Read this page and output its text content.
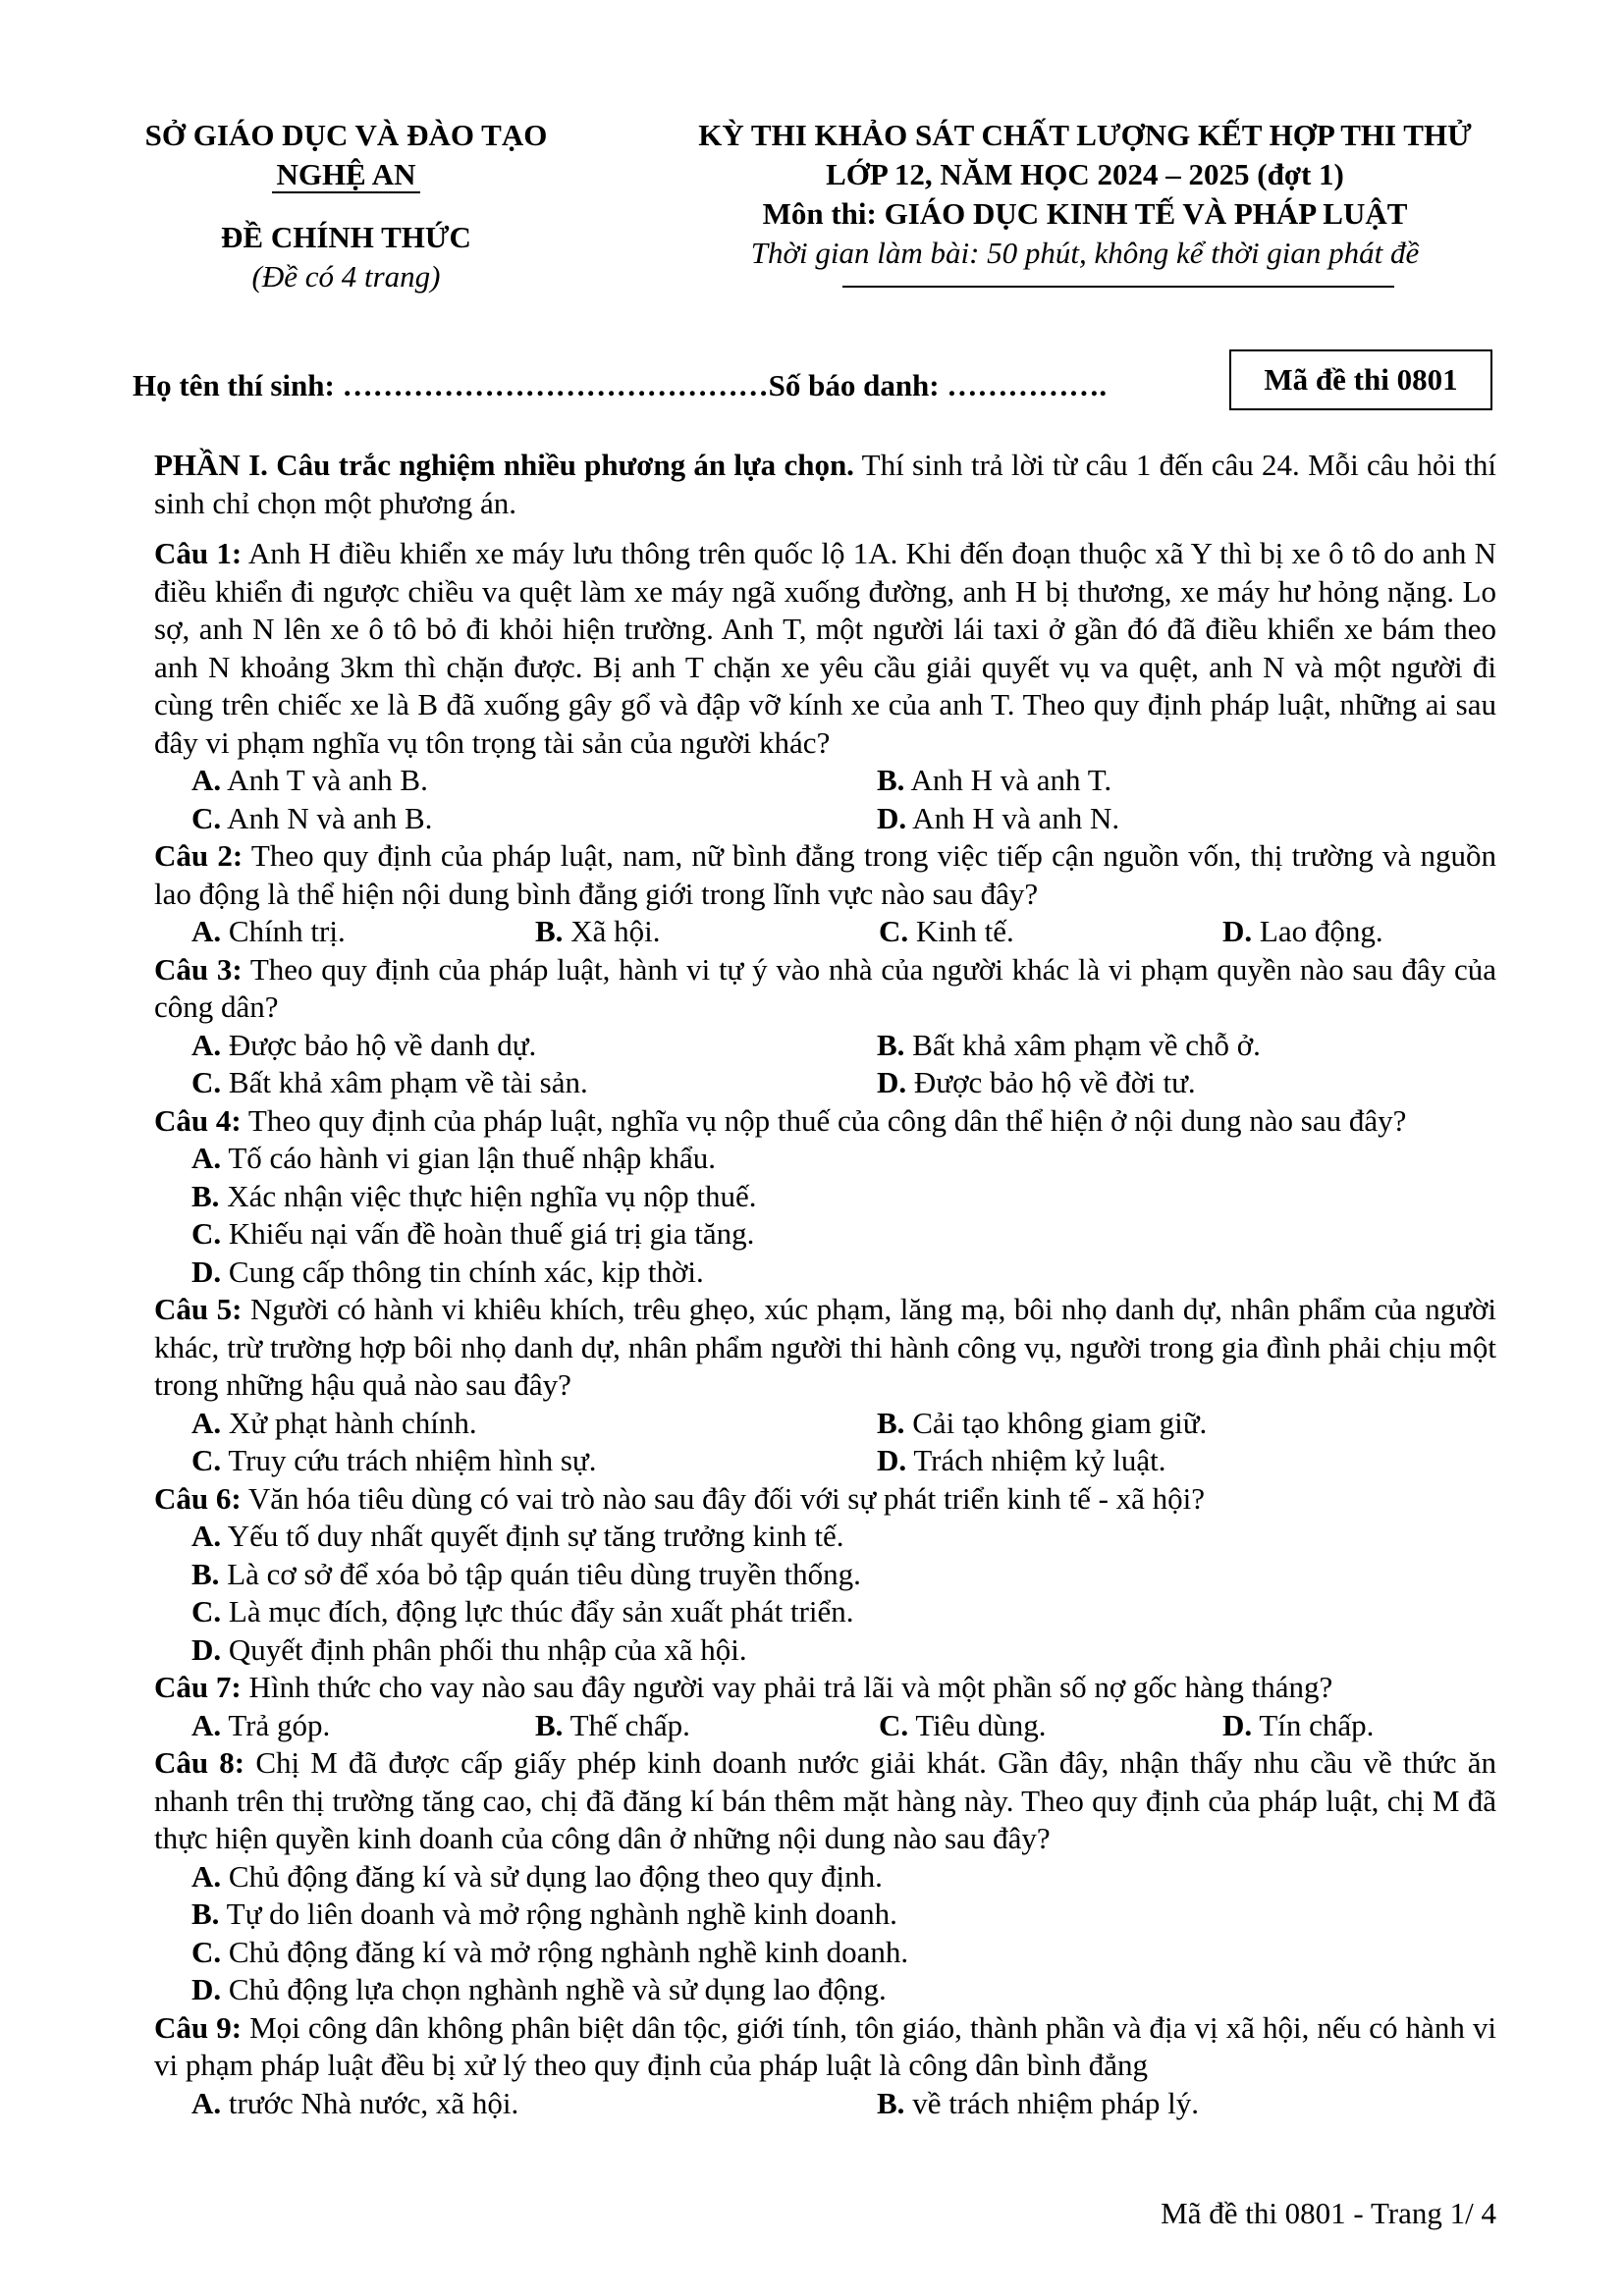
SỞ GIÁO DỤC VÀ ĐÀO TẠO
NGHỆ AN
ĐỀ CHÍNH THỨC
(Đề có 4 trang)
KỲ THI KHẢO SÁT CHẤT LƯỢNG KẾT HỢP THI THỬ
LỚP 12, NĂM HỌC 2024 – 2025 (đợt 1)
Môn thi: GIÁO DỤC KINH TẾ VÀ PHÁP LUẬT
Thời gian làm bài: 50 phút, không kể thời gian phát đề
Họ tên thí sinh: ……………………………………Số báo danh: …………….	Mã đề thi 0801
PHẦN I. Câu trắc nghiệm nhiều phương án lựa chọn. Thí sinh trả lời từ câu 1 đến câu 24. Mỗi câu hỏi thí sinh chỉ chọn một phương án.
Câu 1: Anh H điều khiển xe máy lưu thông trên quốc lộ 1A. Khi đến đoạn thuộc xã Y thì bị xe ô tô do anh N điều khiển đi ngược chiều va quệt làm xe máy ngã xuống đường, anh H bị thương, xe máy hư hỏng nặng. Lo sợ, anh N lên xe ô tô bỏ đi khỏi hiện trường. Anh T, một người lái taxi ở gần đó đã điều khiển xe bám theo anh N khoảng 3km thì chặn được. Bị anh T chặn xe yêu cầu giải quyết vụ va quệt, anh N và một người đi cùng trên chiếc xe là B đã xuống gây gổ và đập vỡ kính xe của anh T. Theo quy định pháp luật, những ai sau đây vi phạm nghĩa vụ tôn trọng tài sản của người khác?
A. Anh T và anh B.	B. Anh H và anh T.
C. Anh N và anh B.	D. Anh H và anh N.
Câu 2: Theo quy định của pháp luật, nam, nữ bình đẳng trong việc tiếp cận nguồn vốn, thị trường và nguồn lao động là thể hiện nội dung bình đẳng giới trong lĩnh vực nào sau đây?
A. Chính trị.	B. Xã hội.	C. Kinh tế.	D. Lao động.
Câu 3: Theo quy định của pháp luật, hành vi tự ý vào nhà của người khác là vi phạm quyền nào sau đây của công dân?
A. Được bảo hộ về danh dự.	B. Bất khả xâm phạm về chỗ ở.
C. Bất khả xâm phạm về tài sản.	D. Được bảo hộ về đời tư.
Câu 4: Theo quy định của pháp luật, nghĩa vụ nộp thuế của công dân thể hiện ở nội dung nào sau đây?
A. Tố cáo hành vi gian lận thuế nhập khẩu.
B. Xác nhận việc thực hiện nghĩa vụ nộp thuế.
C. Khiếu nại vấn đề hoàn thuế giá trị gia tăng.
D. Cung cấp thông tin chính xác, kịp thời.
Câu 5: Người có hành vi khiêu khích, trêu ghẹo, xúc phạm, lăng mạ, bôi nhọ danh dự, nhân phẩm của người khác, trừ trường hợp bôi nhọ danh dự, nhân phẩm người thi hành công vụ, người trong gia đình phải chịu một trong những hậu quả nào sau đây?
A. Xử phạt hành chính.	B. Cải tạo không giam giữ.
C. Truy cứu trách nhiệm hình sự.	D. Trách nhiệm kỷ luật.
Câu 6: Văn hóa tiêu dùng có vai trò nào sau đây đối với sự phát triển kinh tế - xã hội?
A. Yếu tố duy nhất quyết định sự tăng trưởng kinh tế.
B. Là cơ sở để xóa bỏ tập quán tiêu dùng truyền thống.
C. Là mục đích, động lực thúc đẩy sản xuất phát triển.
D. Quyết định phân phối thu nhập của xã hội.
Câu 7: Hình thức cho vay nào sau đây người vay phải trả lãi và một phần số nợ gốc hàng tháng?
A. Trả góp.	B. Thế chấp.	C. Tiêu dùng.	D. Tín chấp.
Câu 8: Chị M đã được cấp giấy phép kinh doanh nước giải khát. Gần đây, nhận thấy nhu cầu về thức ăn nhanh trên thị trường tăng cao, chị đã đăng kí bán thêm mặt hàng này. Theo quy định của pháp luật, chị M đã thực hiện quyền kinh doanh của công dân ở những nội dung nào sau đây?
A. Chủ động đăng kí và sử dụng lao động theo quy định.
B. Tự do liên doanh và mở rộng nghành nghề kinh doanh.
C. Chủ động đăng kí và mở rộng nghành nghề kinh doanh.
D. Chủ động lựa chọn nghành nghề và sử dụng lao động.
Câu 9: Mọi công dân không phân biệt dân tộc, giới tính, tôn giáo, thành phần và địa vị xã hội, nếu có hành vi vi phạm pháp luật đều bị xử lý theo quy định của pháp luật là công dân bình đẳng
A. trước Nhà nước, xã hội.	B. về trách nhiệm pháp lý.
Mã đề thi 0801 - Trang 1/ 4
